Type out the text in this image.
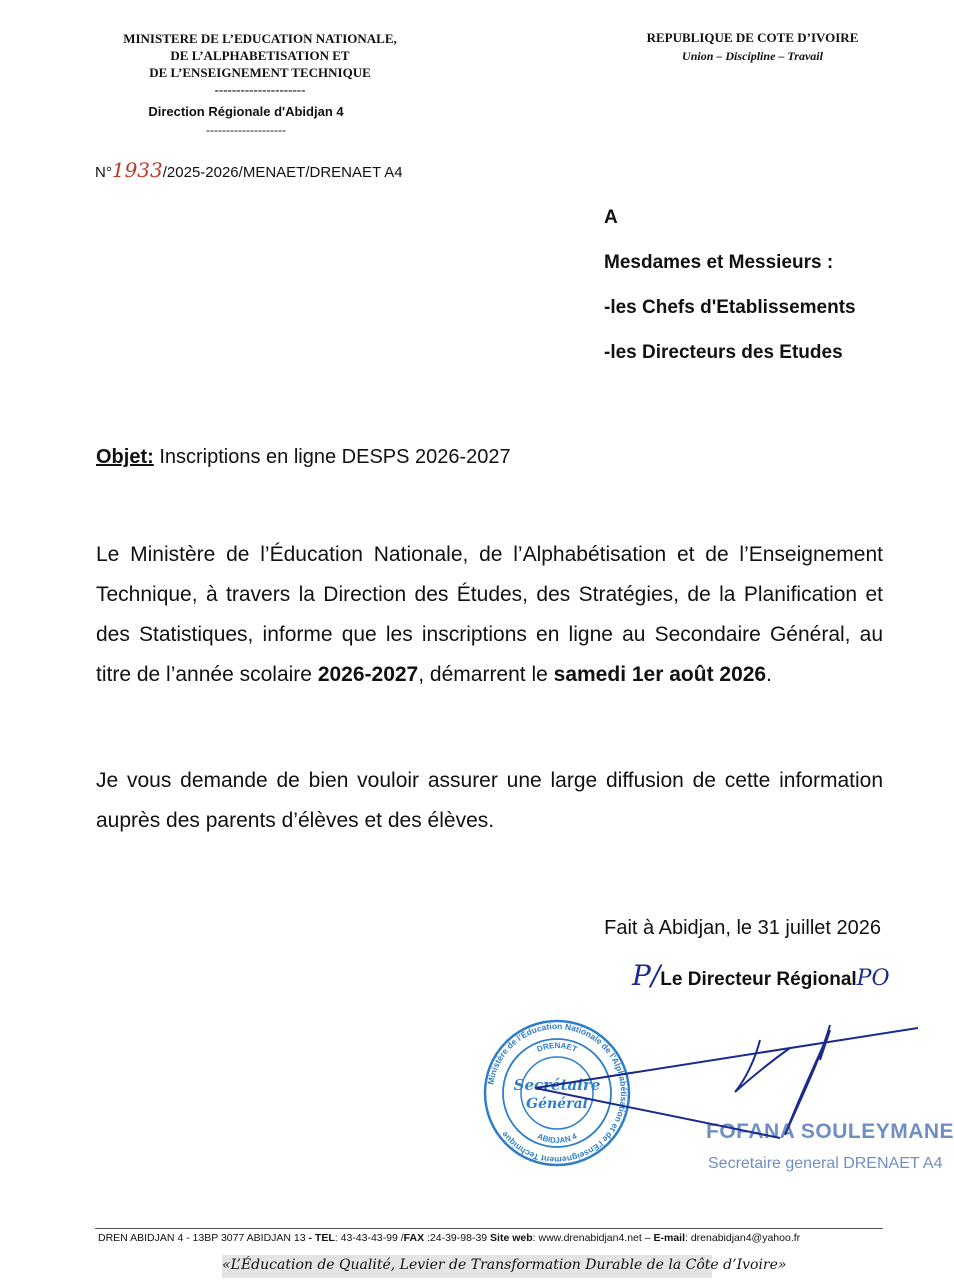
MINISTERE DE L’EDUCATION NATIONALE,
DE L’ALPHABETISATION ET
DE L’ENSEIGNEMENT TECHNIQUE
---------------------
Direction Régionale d'Abidjan 4
--------------------
REPUBLIQUE DE COTE D’IVOIRE
Union – Discipline – Travail
N°1933/2025-2026/MENAET/DRENAET A4
A
Mesdames et Messieurs :
-les Chefs d'Etablissements
-les Directeurs des Etudes
Objet: Inscriptions en ligne DESPS 2026-2027
Le Ministère de l’Éducation Nationale, de l’Alphabétisation et de l’Enseignement Technique, à travers la Direction des Études, des Stratégies, de la Planification et des Statistiques, informe que les inscriptions en ligne au Secondaire Général, au titre de l’année scolaire 2026-2027, démarrent le samedi 1er août 2026.
Je vous demande de bien vouloir assurer une large diffusion de cette information auprès des parents d’élèves et des élèves.
Fait à Abidjan, le 31 juillet 2026
P/Le Directeur RégionalPO
Ministère de l'Éducation Nationale de l'Alphabétisation et de l'Enseignement Technique
DRENAET
ABIDJAN 4
Secrétaire
Général
FOFANA SOULEYMANE
Secretaire general DRENAET A4
DREN ABIDJAN 4 - 13BP 3077 ABIDJAN 13 - TEL: 43-43-43-99 /FAX :24-39-98-39 Site web: www.drenabidjan4.net – E-mail: drenabidjan4@yahoo.fr
«L’Éducation de Qualité, Levier de Transformation Durable de la Côte d’Ivoire»
